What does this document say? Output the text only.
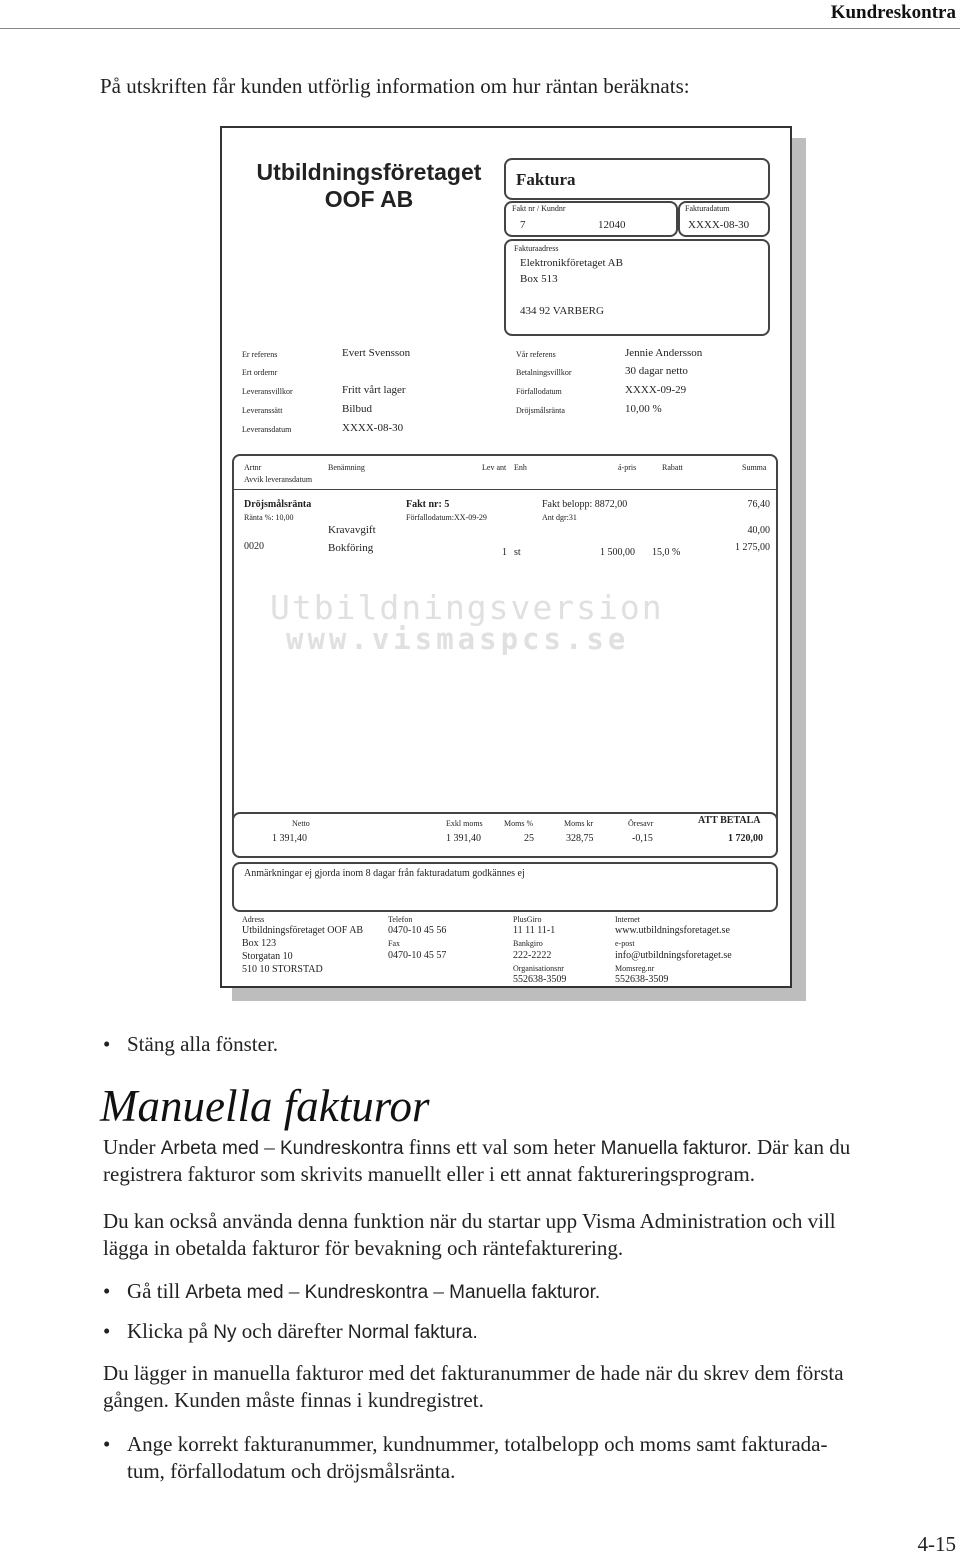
Kundreskontra
På utskriften får kunden utförlig information om hur räntan beräknats:
Utbildningsföretaget
OOF AB
Faktura
Fakt nr / Kundnr
7	12040
Fakturadatum
XXXX-08-30
Fakturaadress
Elektronikföretaget AB
Box 513
434 92 VARBERG
Er referens	Evert Svensson
Ert ordernr
Leveransvillkor	Fritt vårt lager
Leveranssätt	Bilbud
Leveransdatum	XXXX-08-30
Vår referens	Jennie Andersson
Betalningsvillkor	30 dagar netto
Förfallodatum	XXXX-09-29
Dröjsmålsränta	10,00 %
Artnr	Benämning	Lev ant Enh	á-pris	Rabatt	Summa
Avvik leveransdatum
Dröjsmålsränta	Fakt nr: 5	Fakt belopp: 8872,00	76,40
Ränta %: 10,00	Förfallodatum:XX-09-29	Ant dgr:31
Kravavgift	40,00
0020	Bokföring	1 st	1 500,00 15,0 %	1 275,00
Utbildningsversion
www.vismaspcs.se
Netto	Exkl moms	Moms %	Moms kr	Öresavr	ATT BETALA
1 391,40	1 391,40	25	328,75	-0,15	1 720,00
Anmärkningar ej gjorda inom 8 dagar från fakturadatum godkännes ej
Adress
Utbildningsföretaget OOF AB
Box 123
Storgatan 10
510 10 STORSTAD
Telefon
0470-10 45 56
Fax
0470-10 45 57
PlusGiro
11 11 11-1
Bankgiro
222-2222
Organisationsnr
552638-3509
Internet
www.utbildningsforetaget.se
e-post
info@utbildningsforetaget.se
Momsreg.nr
552638-3509
• Stäng alla fönster.
Manuella fakturor
Under Arbeta med – Kundreskontra finns ett val som heter Manuella fakturor. Där kan du
registrera fakturor som skrivits manuellt eller i ett annat faktureringsprogram.
Du kan också använda denna funktion när du startar upp Visma Administration och vill
lägga in obetalda fakturor för bevakning och räntefakturering.
• Gå till Arbeta med – Kundreskontra – Manuella fakturor.
• Klicka på Ny och därefter Normal faktura.
Du lägger in manuella fakturor med det fakturanummer de hade när du skrev dem första
gången. Kunden måste finnas i kundregistret.
• Ange korrekt fakturanummer, kundnummer, totalbelopp och moms samt fakturada-
tum, förfallodatum och dröjsmålsränta.
4-15
